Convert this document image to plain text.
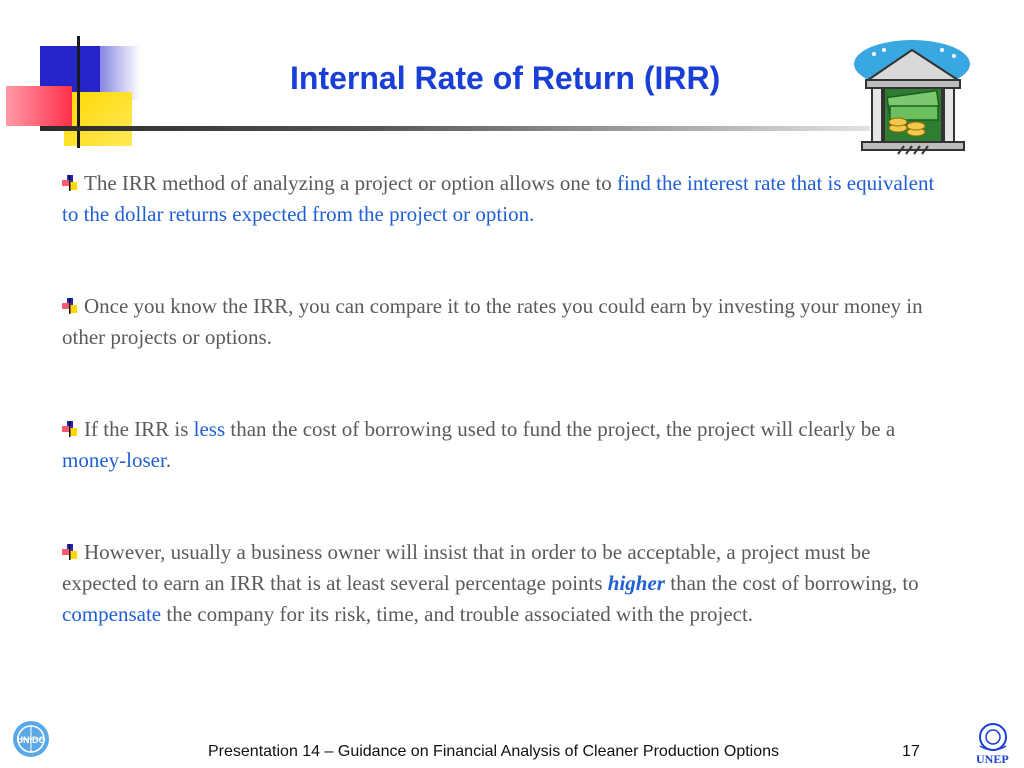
Internal Rate of Return (IRR)

The IRR method of analyzing a project or option allows one to find the interest rate that is equivalent to the dollar returns expected from the project or option.

Once you know the IRR, you can compare it to the rates you could earn by investing your money in other projects or options.

If the IRR is less than the cost of borrowing used to fund the project, the project will clearly be a money-loser.

However, usually a business owner will insist that in order to be acceptable, a project must be expected to earn an IRR that is at least several percentage points higher than the cost of borrowing, to compensate the company for its risk, time, and trouble associated with the project.

UNIDO
Presentation 14 – Guidance on Financial Analysis of Cleaner Production Options	17	UNEP
